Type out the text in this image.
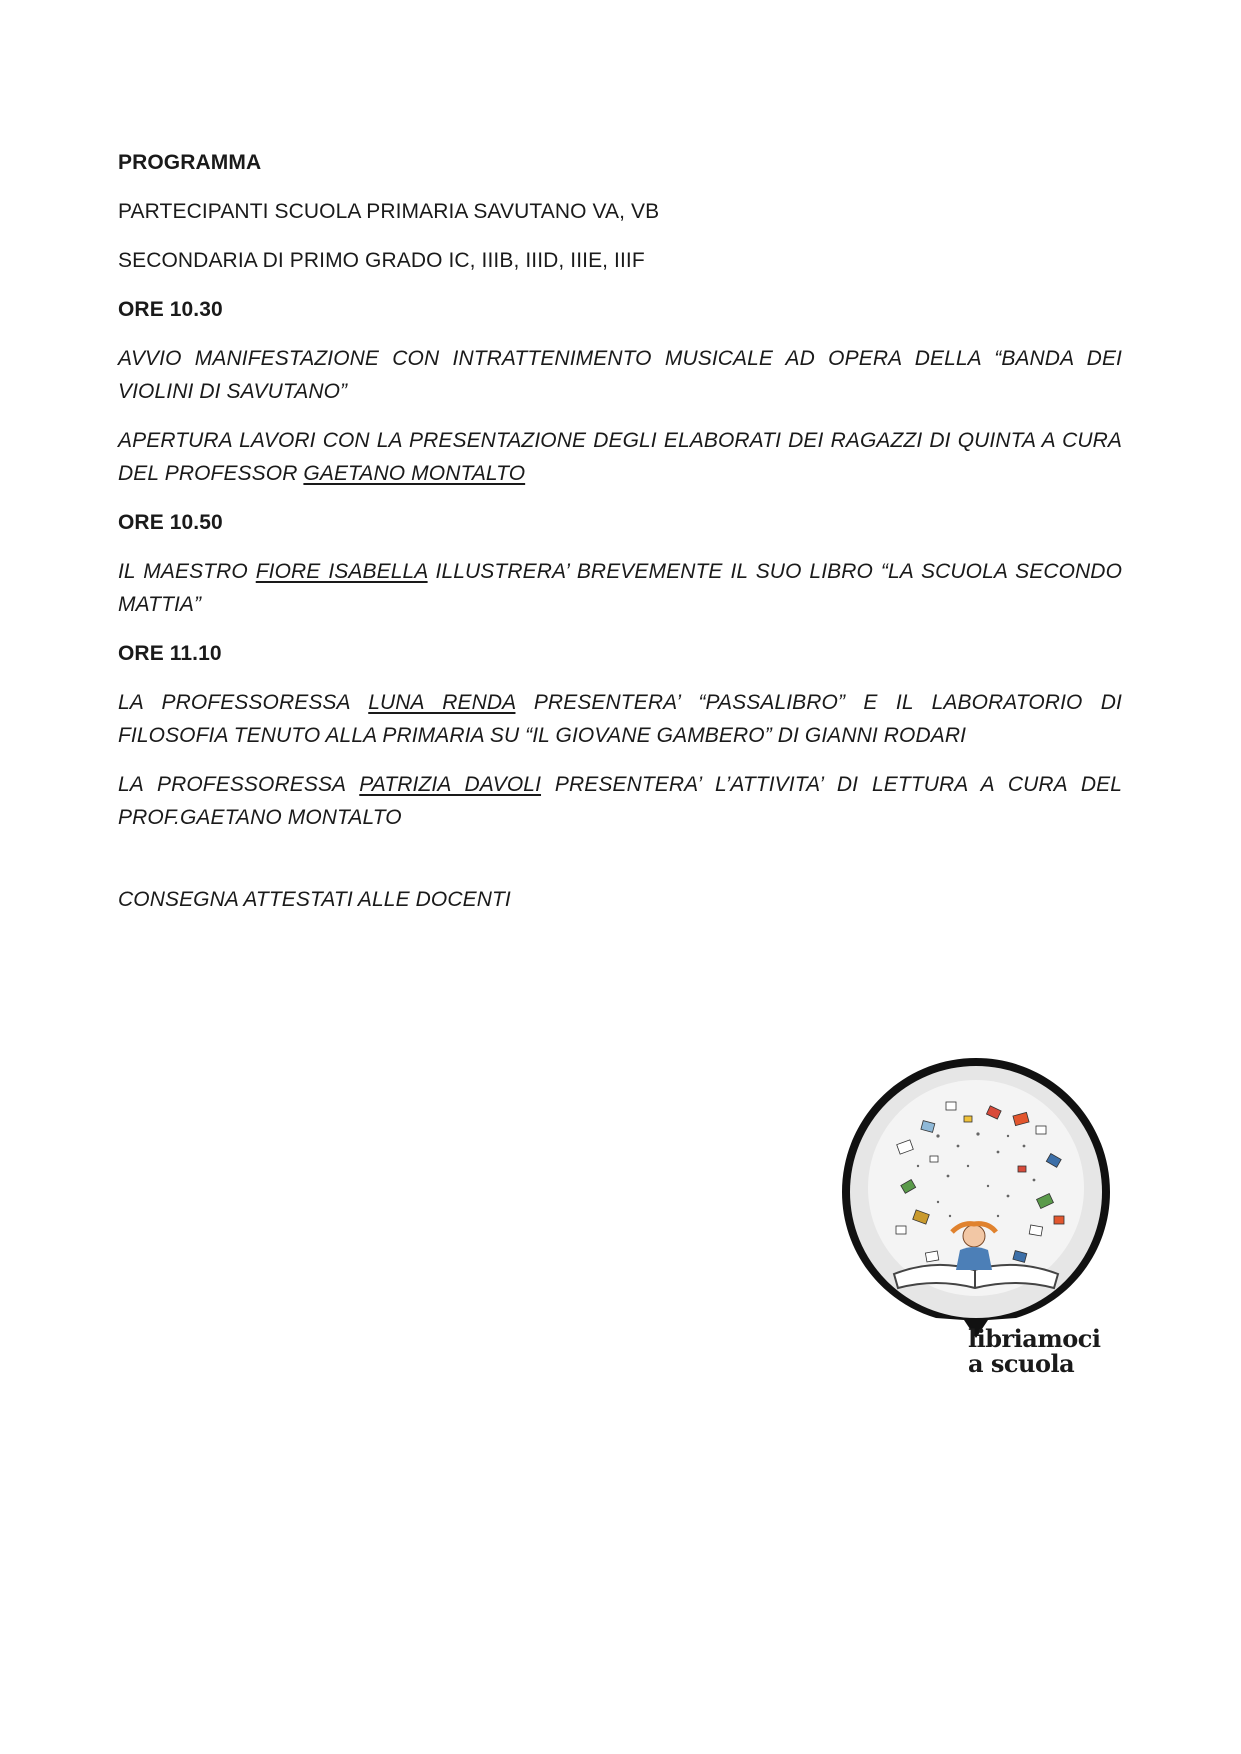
PROGRAMMA

PARTECIPANTI SCUOLA PRIMARIA SAVUTANO VA, VB

SECONDARIA DI PRIMO GRADO IC, IIIB, IIID, IIIE, IIIF

ORE 10.30

AVVIO MANIFESTAZIONE CON INTRATTENIMENTO MUSICALE AD OPERA DELLA “BANDA DEI VIOLINI DI SAVUTANO”

APERTURA LAVORI CON LA PRESENTAZIONE DEGLI ELABORATI DEI RAGAZZI DI QUINTA A CURA DEL PROFESSOR GAETANO MONTALTO

ORE 10.50

IL MAESTRO FIORE ISABELLA ILLUSTRERA’ BREVEMENTE IL SUO LIBRO “LA SCUOLA SECONDO MATTIA”

ORE 11.10

LA PROFESSORESSA LUNA RENDA PRESENTERA’ “PASSALIBRO” E IL LABORATORIO DI FILOSOFIA TENUTO ALLA PRIMARIA SU “IL GIOVANE GAMBERO” DI GIANNI RODARI

LA PROFESSORESSA PATRIZIA DAVOLI PRESENTERA’ L’ATTIVITA’ DI LETTURA A CURA DEL PROF.GAETANO MONTALTO

CONSEGNA ATTESTATI ALLE DOCENTI

libriamoci
a scuola
